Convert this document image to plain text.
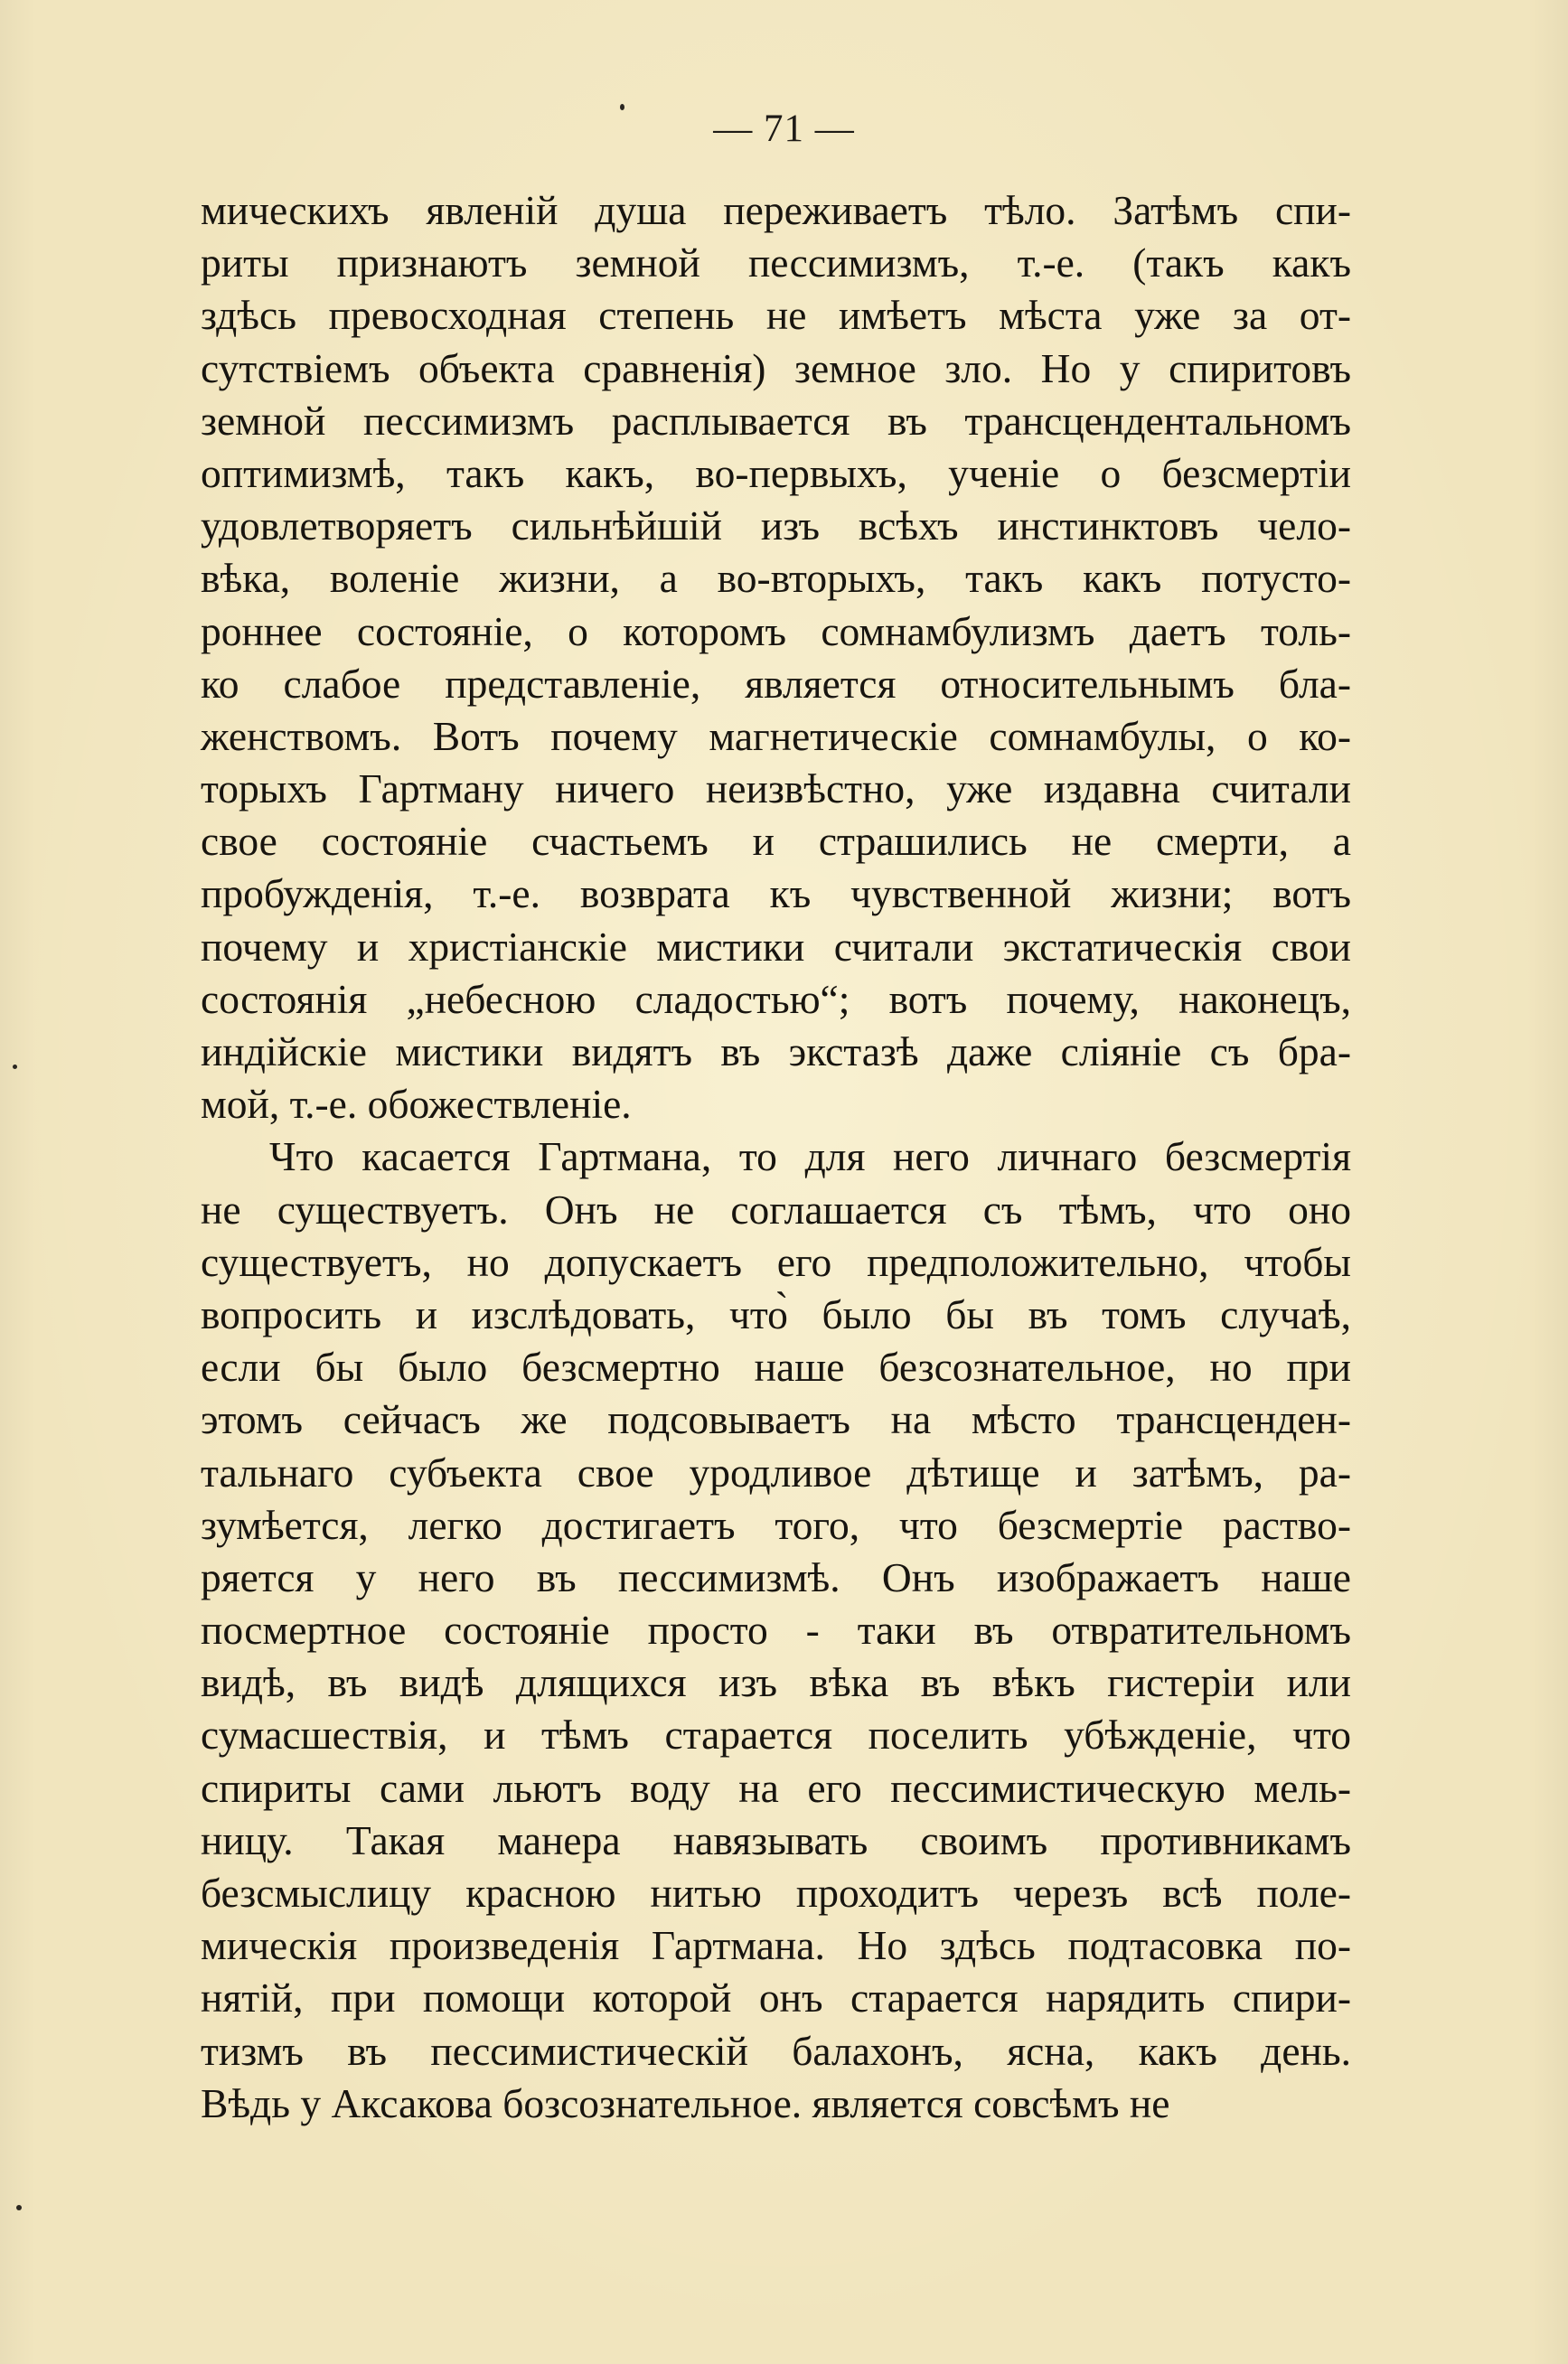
— 71 —
мическихъ явленій душа переживаетъ тѣло. Затѣмъ спи-
риты признаютъ земной пессимизмъ, т.-е. (такъ какъ
здѣсь превосходная степень не имѣетъ мѣста уже за от-
сутствіемъ объекта сравненія) земное зло. Но у спиритовъ
земной пессимизмъ расплывается въ трансцендентальномъ
оптимизмѣ, такъ какъ, во-первыхъ, ученіе о безсмертіи
удовлетворяетъ сильнѣйшій изъ всѣхъ инстинктовъ чело-
вѣка, воленіе жизни, а во-вторыхъ, такъ какъ потусто-
роннее состояніе, о которомъ сомнамбулизмъ даетъ толь-
ко слабое представленіе, является относительнымъ бла-
женствомъ. Вотъ почему магнетическіе сомнамбулы, о ко-
торыхъ Гартману ничего неизвѣстно, уже издавна считали
свое состояніе счастьемъ и страшились не смерти, а
пробужденія, т.-е. возврата къ чувственной жизни; вотъ
почему и христіанскіе мистики считали экстатическія свои
состоянія „небесною сладостью“; вотъ почему, наконецъ,
индійскіе мистики видятъ въ экстазѣ даже сліяніе съ бра-
мой, т.-е. обожествленіе.
Что касается Гартмана, то для него личнаго безсмертія
не существуетъ. Онъ не соглашается съ тѣмъ, что оно
существуетъ, но допускаетъ его предположительно, чтобы
вопросить и изслѣдовать, что̀ было бы въ томъ случаѣ,
если бы было безсмертно наше безсознательное, но при
этомъ сейчасъ же подсовываетъ на мѣсто трансценден-
тальнаго субъекта свое уродливое дѣтище и затѣмъ, ра-
зумѣется, легко достигаетъ того, что безсмертіе раство-
ряется у него въ пессимизмѣ. Онъ изображаетъ наше
посмертное состояніе просто - таки въ отвратительномъ
видѣ, въ видѣ длящихся изъ вѣка въ вѣкъ гистеріи или
сумасшествія, и тѣмъ старается поселить убѣжденіе, что
спириты сами льютъ воду на его пессимистическую мель-
ницу. Такая манера навязывать своимъ противникамъ
безсмыслицу красною нитью проходитъ черезъ всѣ поле-
мическія произведенія Гартмана. Но здѣсь подтасовка по-
нятій, при помощи которой онъ старается нарядить спири-
тизмъ въ пессимистическій балахонъ, ясна, какъ день.
Вѣдь у Аксакова бозсознательное. является совсѣмъ не
